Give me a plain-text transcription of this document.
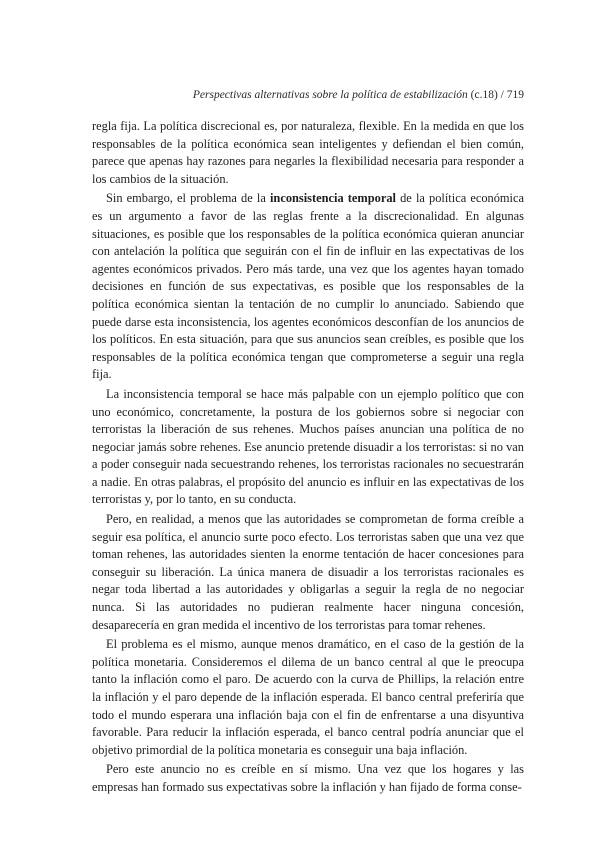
Perspectivas alternativas sobre la política de estabilización (c.18) / 719

regla fija. La política discrecional es, por naturaleza, flexible. En la medida en que los responsables de la política económica sean inteligentes y defiendan el bien común, parece que apenas hay razones para negarles la flexibilidad necesaria para responder a los cambios de la situación.

Sin embargo, el problema de la inconsistencia temporal de la política económica es un argumento a favor de las reglas frente a la discrecionalidad. En algunas situaciones, es posible que los responsables de la política económica quieran anunciar con antelación la política que seguirán con el fin de influir en las expectativas de los agentes económicos privados. Pero más tarde, una vez que los agentes hayan tomado decisiones en función de sus expectativas, es posible que los responsables de la política económica sientan la tentación de no cumplir lo anunciado. Sabiendo que puede darse esta inconsistencia, los agentes económicos desconfían de los anuncios de los políticos. En esta situación, para que sus anuncios sean creíbles, es posible que los responsables de la política económica tengan que comprometerse a seguir una regla fija.

La inconsistencia temporal se hace más palpable con un ejemplo político que con uno económico, concretamente, la postura de los gobiernos sobre si negociar con terroristas la liberación de sus rehenes. Muchos países anuncian una política de no negociar jamás sobre rehenes. Ese anuncio pretende disuadir a los terroristas: si no van a poder conseguir nada secuestrando rehenes, los terroristas racionales no secuestrarán a nadie. En otras palabras, el propósito del anuncio es influir en las expectativas de los terroristas y, por lo tanto, en su conducta.

Pero, en realidad, a menos que las autoridades se comprometan de forma creíble a seguir esa política, el anuncio surte poco efecto. Los terroristas saben que una vez que toman rehenes, las autoridades sienten la enorme tentación de hacer concesiones para conseguir su liberación. La única manera de disuadir a los terroristas racionales es negar toda libertad a las autoridades y obligarlas a seguir la regla de no negociar nunca. Si las autoridades no pudieran realmente hacer ninguna concesión, desaparecería en gran medida el incentivo de los terroristas para tomar rehenes.

El problema es el mismo, aunque menos dramático, en el caso de la gestión de la política monetaria. Consideremos el dilema de un banco central al que le preocupa tanto la inflación como el paro. De acuerdo con la curva de Phillips, la relación entre la inflación y el paro depende de la inflación esperada. El banco central preferiría que todo el mundo esperara una inflación baja con el fin de enfrentarse a una disyuntiva favorable. Para reducir la inflación esperada, el banco central podría anunciar que el objetivo primordial de la política monetaria es conseguir una baja inflación.

Pero este anuncio no es creíble en sí mismo. Una vez que los hogares y las empresas han formado sus expectativas sobre la inflación y han fijado de forma conse-
